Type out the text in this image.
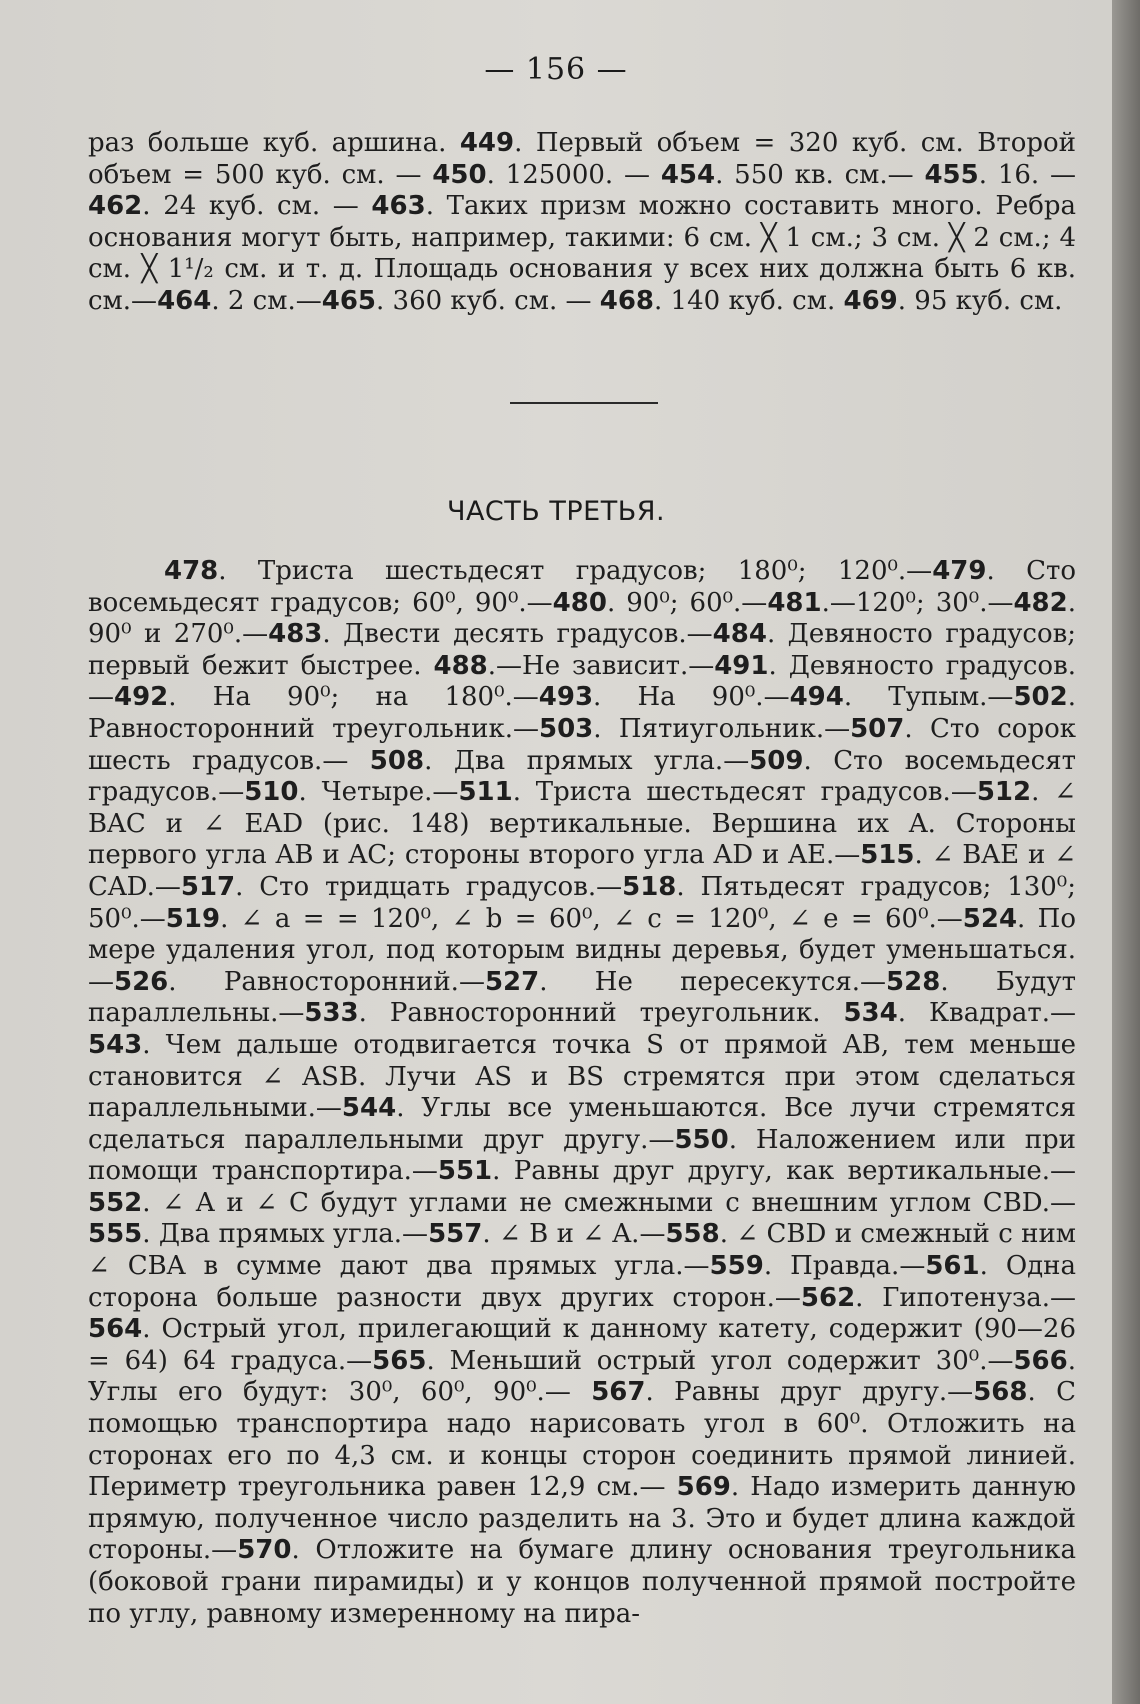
— 156 —

раз больше куб. аршина. 449. Первый объем = 320 куб. см. Второй объем = 500 куб. см. — 450. 125000. — 454. 550 кв. см.— 455. 16. — 462. 24 куб. см. — 463. Таких призм можно составить много. Ребра основания могут быть, например, такими: 6 см. ╳ 1 см.; 3 см. ╳ 2 см.; 4 см. ╳ 1¹/₂ см. и т. д. Площадь основания у всех них должна быть 6 кв. см.—464. 2 см.—465. 360 куб. см. — 468. 140 куб. см. 469. 95 куб. см.

ЧАСТЬ ТРЕТЬЯ.

478. Триста шестьдесят градусов; 180⁰; 120⁰.—479. Сто восемьдесят градусов; 60⁰, 90⁰.—480. 90⁰; 60⁰.—481.—120⁰; 30⁰.—482. 90⁰ и 270⁰.—483. Двести десять градусов.—484. Девяносто градусов; первый бежит быстрее. 488.—Не зависит.—491. Девяносто градусов.—492. На 90⁰; на 180⁰.—493. На 90⁰.—494. Тупым.—502. Равносторонний треугольник.—503. Пятиугольник.—507. Сто сорок шесть градусов.— 508. Два прямых угла.—509. Сто восемьдесят градусов.—510. Четыре.—511. Триста шестьдесят градусов.—512. ∠ BAC и ∠ EAD (рис. 148) вертикальные. Вершина их A. Стороны первого угла AB и AC; стороны второго угла AD и AE.—515. ∠ BAE и ∠ CAD.—517. Сто тридцать градусов.—518. Пятьдесят градусов; 130⁰; 50⁰.—519. ∠ a = = 120⁰, ∠ b = 60⁰, ∠ c = 120⁰, ∠ e = 60⁰.—524. По мере удаления угол, под которым видны деревья, будет уменьшаться.—526. Равносторонний.—527. Не пересекутся.—528. Будут параллельны.—533. Равносторонний треугольник. 534. Квадрат.—543. Чем дальше отодвигается точка S от прямой AB, тем меньше становится ∠ ASB. Лучи AS и BS стремятся при этом сделаться параллельными.—544. Углы все уменьшаются. Все лучи стремятся сделаться параллельными друг другу.—550. Наложением или при помощи транспортира.—551. Равны друг другу, как вертикальные.—552. ∠ A и ∠ C будут углами не смежными с внешним углом CBD.—555. Два прямых угла.—557. ∠ B и ∠ A.—558. ∠ CBD и смежный с ним ∠ CBA в сумме дают два прямых угла.—559. Правда.—561. Одна сторона больше разности двух других сторон.—562. Гипотенуза.—564. Острый угол, прилегающий к данному катету, содержит (90—26 = 64) 64 градуса.—565. Меньший острый угол содержит 30⁰.—566. Углы его будут: 30⁰, 60⁰, 90⁰.— 567. Равны друг другу.—568. С помощью транспортира надо нарисовать угол в 60⁰. Отложить на сторонах его по 4,3 см. и концы сторон соединить прямой линией. Периметр треугольника равен 12,9 см.— 569. Надо измерить данную прямую, полученное число разделить на 3. Это и будет длина каждой стороны.—570. Отложите на бумаге длину основания треугольника (боковой грани пирамиды) и у концов полученной прямой постройте по углу, равному измеренному на пира-
